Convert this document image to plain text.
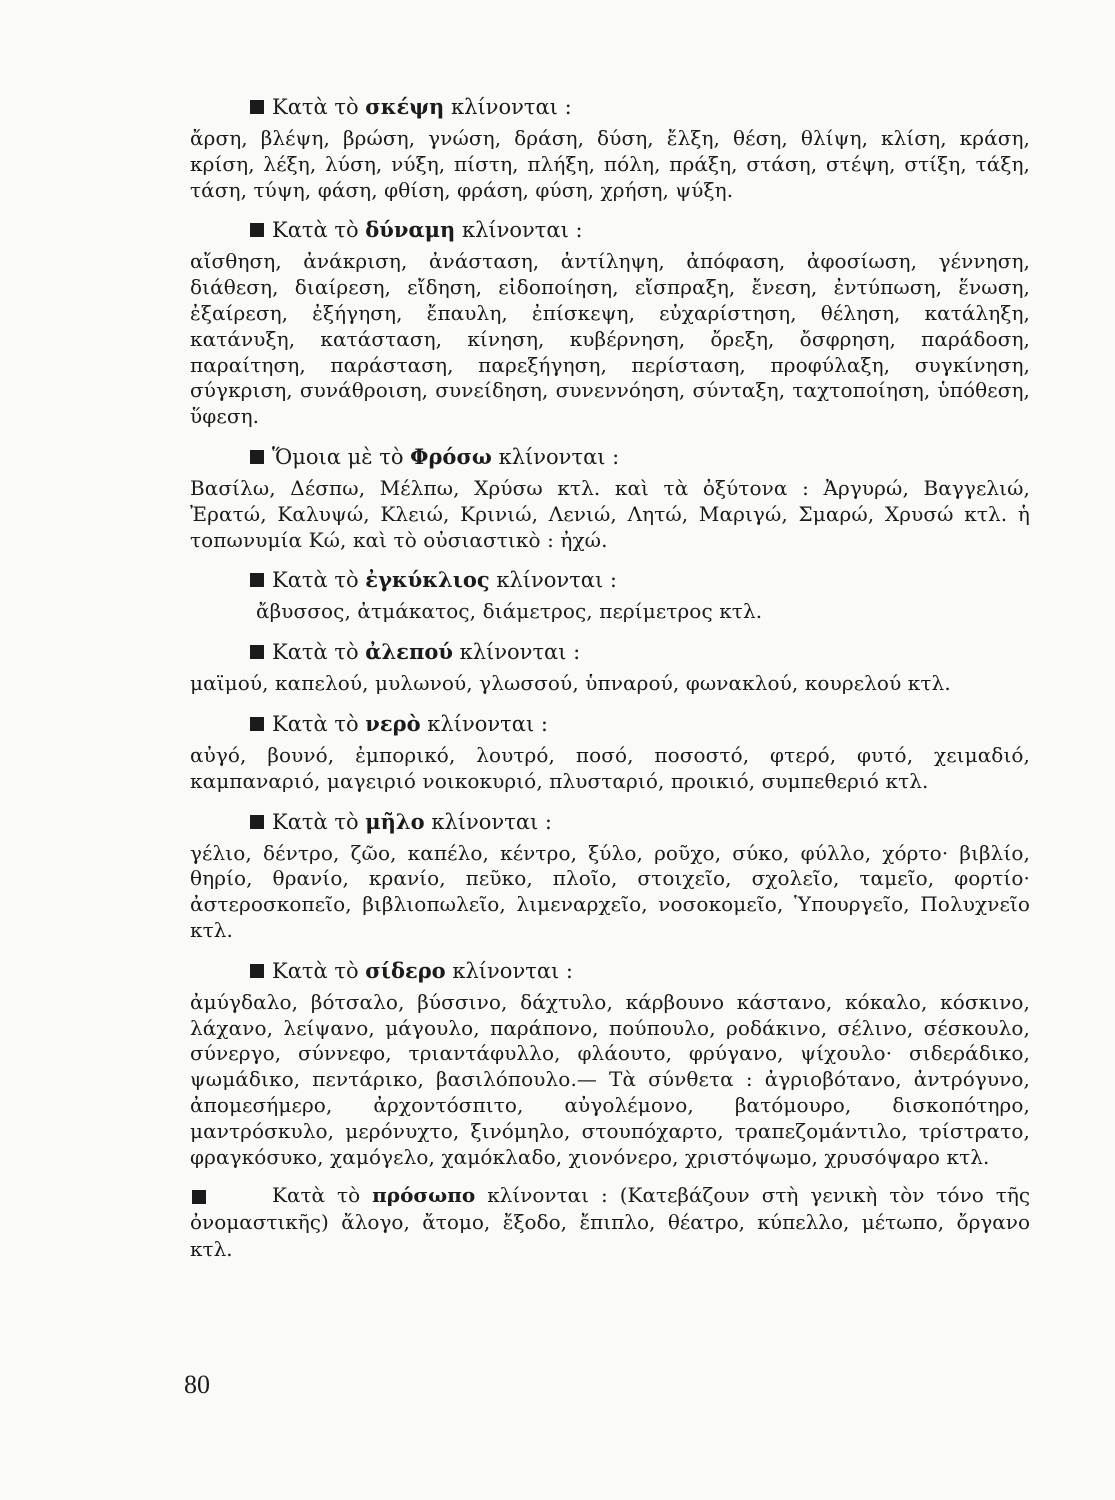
Κατὰ τὸ σκέψη κλίνονται :
ἄρση, βλέψη, βρώση, γνώση, δράση, δύση, ἔλξη, θέση, θλίψη, κλίση, κράση, κρίση, λέξη, λύση, νύξη, πίστη, πλήξη, πόλη, πράξη, στάση, στέψη, στίξη, τάξη, τάση, τύψη, φάση, φθίση, φράση, φύση, χρήση, ψύξη.
Κατὰ τὸ δύναμη κλίνονται :
αἴσθηση, ἀνάκριση, ἀνάσταση, ἀντίληψη, ἀπόφαση, ἀφοσίωση, γέννηση, διάθεση, διαίρεση, εἴδηση, εἰδοποίηση, εἴσπραξη, ἔνεση, ἐντύπωση, ἕνωση, ἐξαίρεση, ἐξήγηση, ἔπαυλη, ἐπίσκεψη, εὐχαρίστηση, θέληση, κατάληξη, κατάνυξη, κατάσταση, κίνηση, κυβέρνηση, ὄρεξη, ὄσφρηση, παράδοση, παραίτηση, παράσταση, παρεξήγηση, περίσταση, προφύλαξη, συγκίνηση, σύγκριση, συνάθροιση, συνείδηση, συνεννόηση, σύνταξη, ταχτοποίηση, ὑπόθεση, ὕφεση.
Ὅμοια μὲ τὸ Φρόσω κλίνονται :
Βασίλω, Δέσπω, Μέλπω, Χρύσω κτλ. καὶ τὰ ὀξύτονα : Ἀργυρώ, Βαγγελιώ, Ἐρατώ, Καλυψώ, Κλειώ, Κρινιώ, Λενιώ, Λητώ, Μαριγώ, Σμαρώ, Χρυσώ κτλ. ἡ τοπωνυμία Κώ, καὶ τὸ οὐσιαστικὸ : ἠχώ.
Κατὰ τὸ ἐγκύκλιος κλίνονται :
ἄβυσσος, ἀτμάκατος, διάμετρος, περίμετρος κτλ.
Κατὰ τὸ ἀλεπού κλίνονται :
μαϊμού, καπελού, μυλωνού, γλωσσού, ὑπναρού, φωνακλού, κουρελού κτλ.
Κατὰ τὸ νερὸ κλίνονται :
αὐγό, βουνό, ἐμπορικό, λουτρό, ποσό, ποσοστό, φτερό, φυτό, χειμαδιό, καμπαναριό, μαγειριό νοικοκυριό, πλυσταριό, προικιό, συμπεθεριό κτλ.
Κατὰ τὸ μῆλο κλίνονται :
γέλιο, δέντρο, ζῶο, καπέλο, κέντρο, ξύλο, ροῦχο, σύκο, φύλλο, χόρτο· βιβλίο, θηρίο, θρανίο, κρανίο, πεῦκο, πλοῖο, στοιχεῖο, σχολεῖο, ταμεῖο, φορτίο· ἀστεροσκοπεῖο, βιβλιοπωλεῖο, λιμεναρχεῖο, νοσοκομεῖο, Ὑπουργεῖο, Πολυχνεῖο κτλ.
Κατὰ τὸ σίδερο κλίνονται :
ἀμύγδαλο, βότσαλο, βύσσινο, δάχτυλο, κάρβουνο κάστανο, κόκαλο, κόσκινο, λάχανο, λείψανο, μάγουλο, παράπονο, πούπουλο, ροδάκινο, σέλινο, σέσκουλο, σύνεργο, σύννεφο, τριαντάφυλλο, φλάουτο, φρύγανο, ψίχουλο· σιδεράδικο, ψωμάδικο, πεντάρικο, βασιλόπουλο.— Τὰ σύνθετα : ἀγριοβότανο, ἀντρόγυνο, ἀπομεσήμερο, ἀρχοντόσπιτο, αὐγολέμονο, βατόμουρο, δισκοπότηρο, μαντρόσκυλο, μερόνυχτο, ξινόμηλο, στουπόχαρτο, τραπεζομάντιλο, τρίστρατο, φραγκόσυκο, χαμόγελο, χαμόκλαδο, χιονόνερο, χριστόψωμο, χρυσόψαρο κτλ.
Κατὰ τὸ πρόσωπο κλίνονται : (Κατεβάζουν στὴ γενικὴ τὸν τόνο τῆς ὀνομαστικῆς) ἄλογο, ἄτομο, ἔξοδο, ἔπιπλο, θέατρο, κύπελλο, μέτωπο, ὄργανο κτλ.
80
